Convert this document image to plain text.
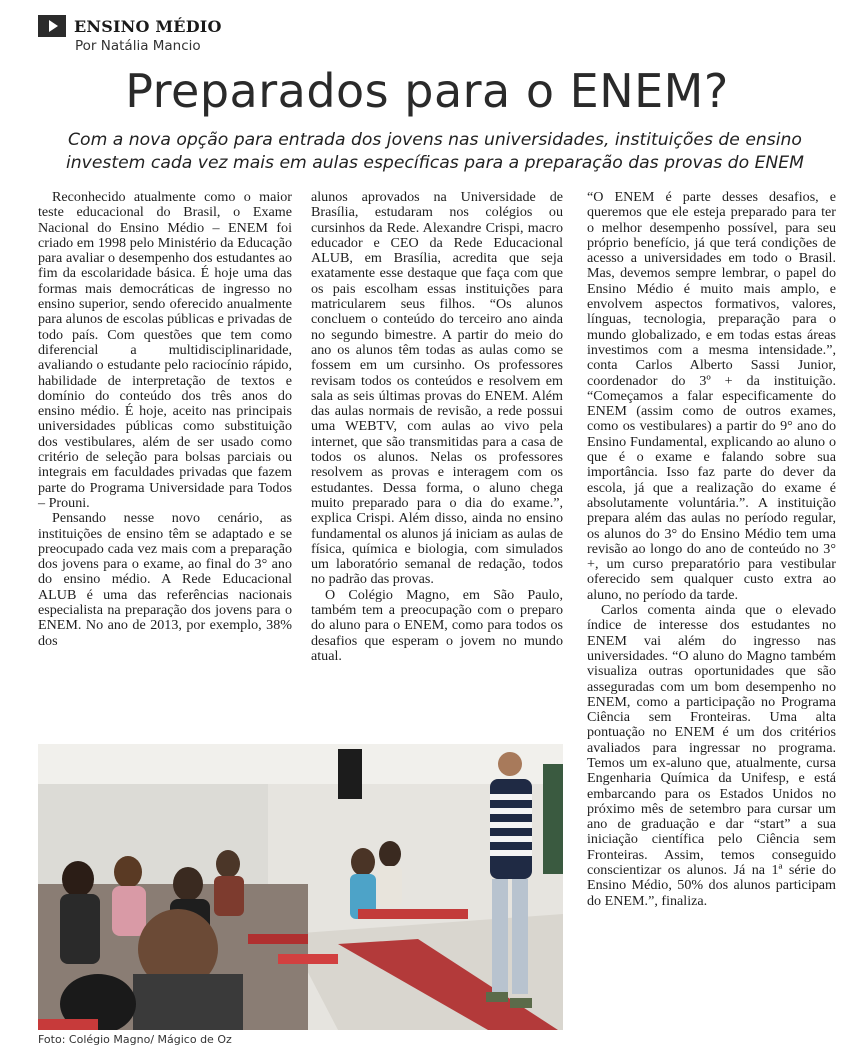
ENSINO MÉDIO
Por Natália Mancio
Preparados para o ENEM?
Com a nova opção para entrada dos jovens nas universidades, instituições de ensino investem cada vez mais em aulas específicas para a preparação das provas do ENEM

Reconhecido atualmente como o maior teste educacional do Brasil, o Exame Nacional do Ensino Médio – ENEM foi criado em 1998 pelo Ministério da Educação para avaliar o desempenho dos estudantes ao fim da escolaridade básica. É hoje uma das formas mais democráticas de ingresso no ensino superior, sendo oferecido anualmente para alunos de escolas públicas e privadas de todo país. Com questões que tem como diferencial a multidisciplinaridade, avaliando o estudante pelo raciocínio rápido, habilidade de interpretação de textos e domínio do conteúdo dos três anos do ensino médio. É hoje, aceito nas principais universidades públicas como substituição dos vestibulares, além de ser usado como critério de seleção para bolsas parciais ou integrais em faculdades privadas que fazem parte do Programa Universidade para Todos – Prouni.

Pensando nesse novo cenário, as instituições de ensino têm se adaptado e se preocupado cada vez mais com a preparação dos jovens para o exame, ao final do 3° ano do ensino médio. A Rede Educacional ALUB é uma das referências nacionais especialista na preparação dos jovens para o ENEM. No ano de 2013, por exemplo, 38% dos

alunos aprovados na Universidade de Brasília, estudaram nos colégios ou cursinhos da Rede. Alexandre Crispi, macro educador e CEO da Rede Educacional ALUB, em Brasília, acredita que seja exatamente esse destaque que faça com que os pais escolham essas instituições para matricularem seus filhos. “Os alunos concluem o conteúdo do terceiro ano ainda no segundo bimestre. A partir do meio do ano os alunos têm todas as aulas como se fossem em um cursinho. Os professores revisam todos os conteúdos e resolvem em sala as seis últimas provas do ENEM. Além das aulas normais de revisão, a rede possui uma WEBTV, com aulas ao vivo pela internet, que são transmitidas para a casa de todos os alunos. Nelas os professores resolvem as provas e interagem com os estudantes. Dessa forma, o aluno chega muito preparado para o dia do exame.”, explica Crispi. Além disso, ainda no ensino fundamental os alunos já iniciam as aulas de física, química e biologia, com simulados um laboratório semanal de redação, todos no padrão das provas.

O Colégio Magno, em São Paulo, também tem a preocupação com o preparo do aluno para o ENEM, como para todos os desafios que esperam o jovem no mundo atual.

“O ENEM é parte desses desafios, e queremos que ele esteja preparado para ter o melhor desempenho possível, para seu próprio benefício, já que terá condições de acesso a universidades em todo o Brasil. Mas, devemos sempre lembrar, o papel do Ensino Médio é muito mais amplo, e envolvem aspectos formativos, valores, línguas, tecnologia, preparação para o mundo globalizado, e em todas estas áreas investimos com a mesma intensidade.”, conta Carlos Alberto Sassi Junior, coordenador do 3º + da instituição. “Começamos a falar especificamente do ENEM (assim como de outros exames, como os vestibulares) a partir do 9° ano do Ensino Fundamental, explicando ao aluno o que é o exame e falando sobre sua importância. Isso faz parte do dever da escola, já que a realização do exame é absolutamente voluntária.”. A instituição prepara além das aulas no período regular, os alunos do 3° do Ensino Médio tem uma revisão ao longo do ano de conteúdo no 3° +, um curso preparatório para vestibular oferecido sem qualquer custo extra ao aluno, no período da tarde.

Carlos comenta ainda que o elevado índice de interesse dos estudantes no ENEM vai além do ingresso nas universidades. “O aluno do Magno também visualiza outras oportunidades que são asseguradas com um bom desempenho no ENEM, como a participação no Programa Ciência sem Fronteiras. Uma alta pontuação no ENEM é um dos critérios avaliados para ingressar no programa. Temos um ex-aluno que, atualmente, cursa Engenharia Química da Unifesp, e está embarcando para os Estados Unidos no próximo mês de setembro para cursar um ano de graduação e dar “start” a sua iniciação científica pelo Ciência sem Fronteiras. Assim, temos conseguido conscientizar os alunos. Já na 1ª série do Ensino Médio, 50% dos alunos participam do ENEM.”, finaliza.

Foto: Colégio Magno/ Mágico de Oz
